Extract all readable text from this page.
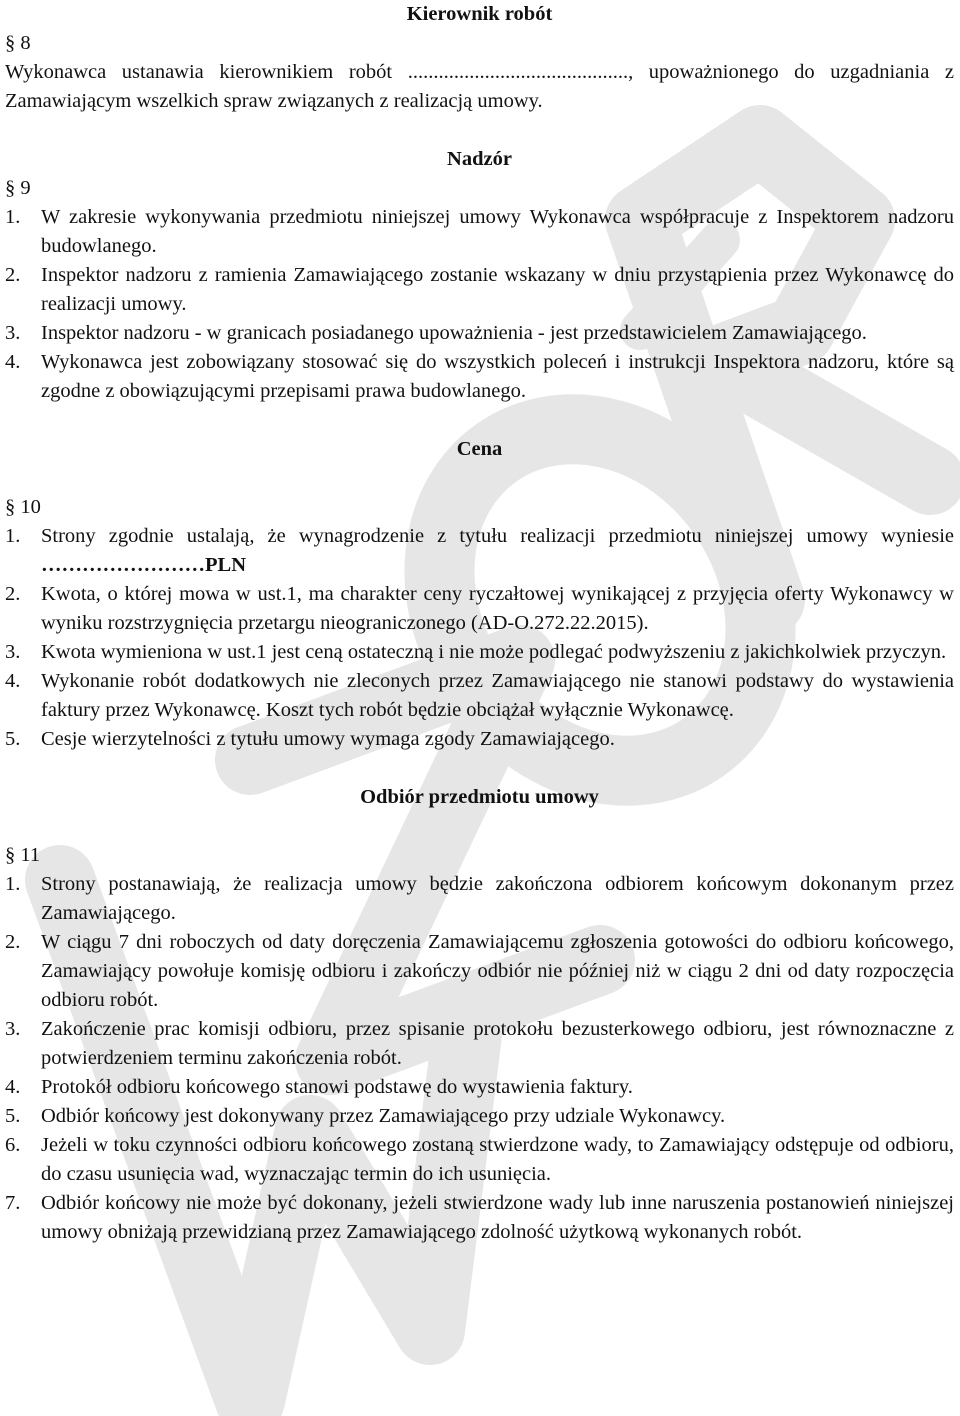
Kierownik robót

§ 8

Wykonawca ustanawia kierownikiem robót ..........................................., upoważnionego do uzgadniania z Zamawiającym wszelkich spraw związanych z realizacją umowy.

Nadzór

§ 9

1. W zakresie wykonywania przedmiotu niniejszej umowy Wykonawca współpracuje z Inspektorem nadzoru budowlanego.
2. Inspektor nadzoru z ramienia Zamawiającego zostanie wskazany w dniu przystąpienia przez Wykonawcę do realizacji umowy.
3. Inspektor nadzoru - w granicach posiadanego upoważnienia - jest przedstawicielem Zamawiającego.
4. Wykonawca jest zobowiązany stosować się do wszystkich poleceń i instrukcji Inspektora nadzoru, które są zgodne z obowiązującymi przepisami prawa budowlanego.

Cena

§ 10

1. Strony zgodnie ustalają, że wynagrodzenie z tytułu realizacji przedmiotu niniejszej umowy wyniesie ……………………PLN
2. Kwota, o której mowa w ust.1, ma charakter ceny ryczałtowej wynikającej z przyjęcia oferty Wykonawcy w wyniku rozstrzygnięcia przetargu nieograniczonego (AD-O.272.22.2015).
3. Kwota wymieniona w ust.1 jest ceną ostateczną i nie może podlegać podwyższeniu z jakichkolwiek przyczyn.
4. Wykonanie robót dodatkowych nie zleconych przez Zamawiającego nie stanowi podstawy do wystawienia faktury przez Wykonawcę. Koszt tych robót będzie obciążał wyłącznie Wykonawcę.
5. Cesje wierzytelności z tytułu umowy wymaga zgody Zamawiającego.

Odbiór przedmiotu umowy

§ 11

1. Strony postanawiają, że realizacja umowy będzie zakończona odbiorem końcowym dokonanym przez Zamawiającego.
2. W ciągu 7 dni roboczych od daty doręczenia Zamawiającemu zgłoszenia gotowości do odbioru końcowego, Zamawiający powołuje komisję odbioru i zakończy odbiór nie później niż w ciągu 2 dni od daty rozpoczęcia odbioru robót.
3. Zakończenie prac komisji odbioru, przez spisanie protokołu bezusterkowego odbioru, jest równoznaczne z potwierdzeniem terminu zakończenia robót.
4. Protokół odbioru końcowego stanowi podstawę do wystawienia faktury.
5. Odbiór końcowy jest dokonywany przez Zamawiającego przy udziale Wykonawcy.
6. Jeżeli w toku czynności odbioru końcowego zostaną stwierdzone wady, to Zamawiający odstępuje od odbioru, do czasu usunięcia wad, wyznaczając termin do ich usunięcia.
7. Odbiór końcowy nie może być dokonany, jeżeli stwierdzone wady lub inne naruszenia postanowień niniejszej umowy obniżają przewidzianą przez Zamawiającego zdolność użytkową wykonanych robót.
